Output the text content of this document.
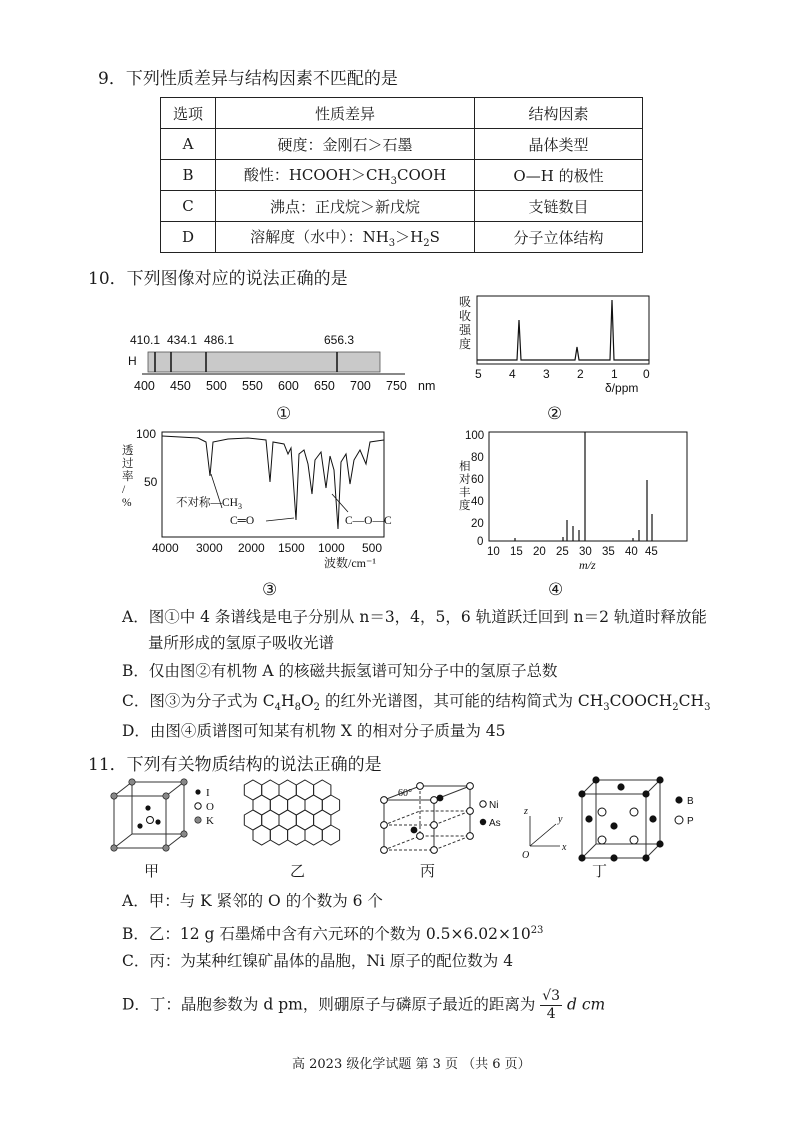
9．下列性质差异与结构因素不匹配的是
选项	性质差异	结构因素
A	硬度：金刚石＞石墨	晶体类型
B	酸性：$HCOOH>CH_3COOH$	O—H 的极性
C	沸点：正戊烷＞新戊烷	支链数目
D	溶解度（水中）：$NH_3>H_2S$	分子立体结构
10．下列图像对应的说法正确的是
410.1 434.1 486.1	656.3
H
400 450 500 550 600 650 700 750 nm
①
吸
收
强
度
吸收强度
5 4 3 2 1 0
δ/ppm
②
透
过
率
/
%
透过率/%
100
50
不对称$—CH_3$
C═O	C—O—C
4000 3000 2000 1500 1000 500
波数/cm⁻¹
③
相
对
丰
度
相对丰度
100
80
60
40
20
0
10 15 20 25 30 35 40 45
m/z
④
A．图①中 4 条谱线是电子分别从 n＝3，4，5，6 轨道跃迁回到 n＝2 轨道时释放能
量所形成的氢原子吸收光谱
B．仅由图②有机物 A 的核磁共振氢谱可知分子中的氢原子总数
C．图③为分子式为 $C_4H_8O_2$ 的红外光谱图，其可能的结构简式为 $CH_3COOCH_2CH_3$
D．由图④质谱图可知某有机物 X 的相对分子质量为 45
11．下列有关物质结构的说法正确的是
I
O
K
甲	乙
60°
Ni
As
丙
z
y
x
O
B
P
丁
A．甲：与 K 紧邻的 O 的个数为 6 个
B．乙：12 g 石墨烯中含有六元环的个数为 $0.5\times 6.02\times 10^{23}$
C．丙：为某种红镍矿晶体的晶胞，Ni 原子的配位数为 4
D．丁：晶胞参数为 d pm，则硼原子与磷原子最近的距离为 $\frac{√3}{4}$ d cm
高 2023 级化学试题 第 3 页 （共 6 页）
